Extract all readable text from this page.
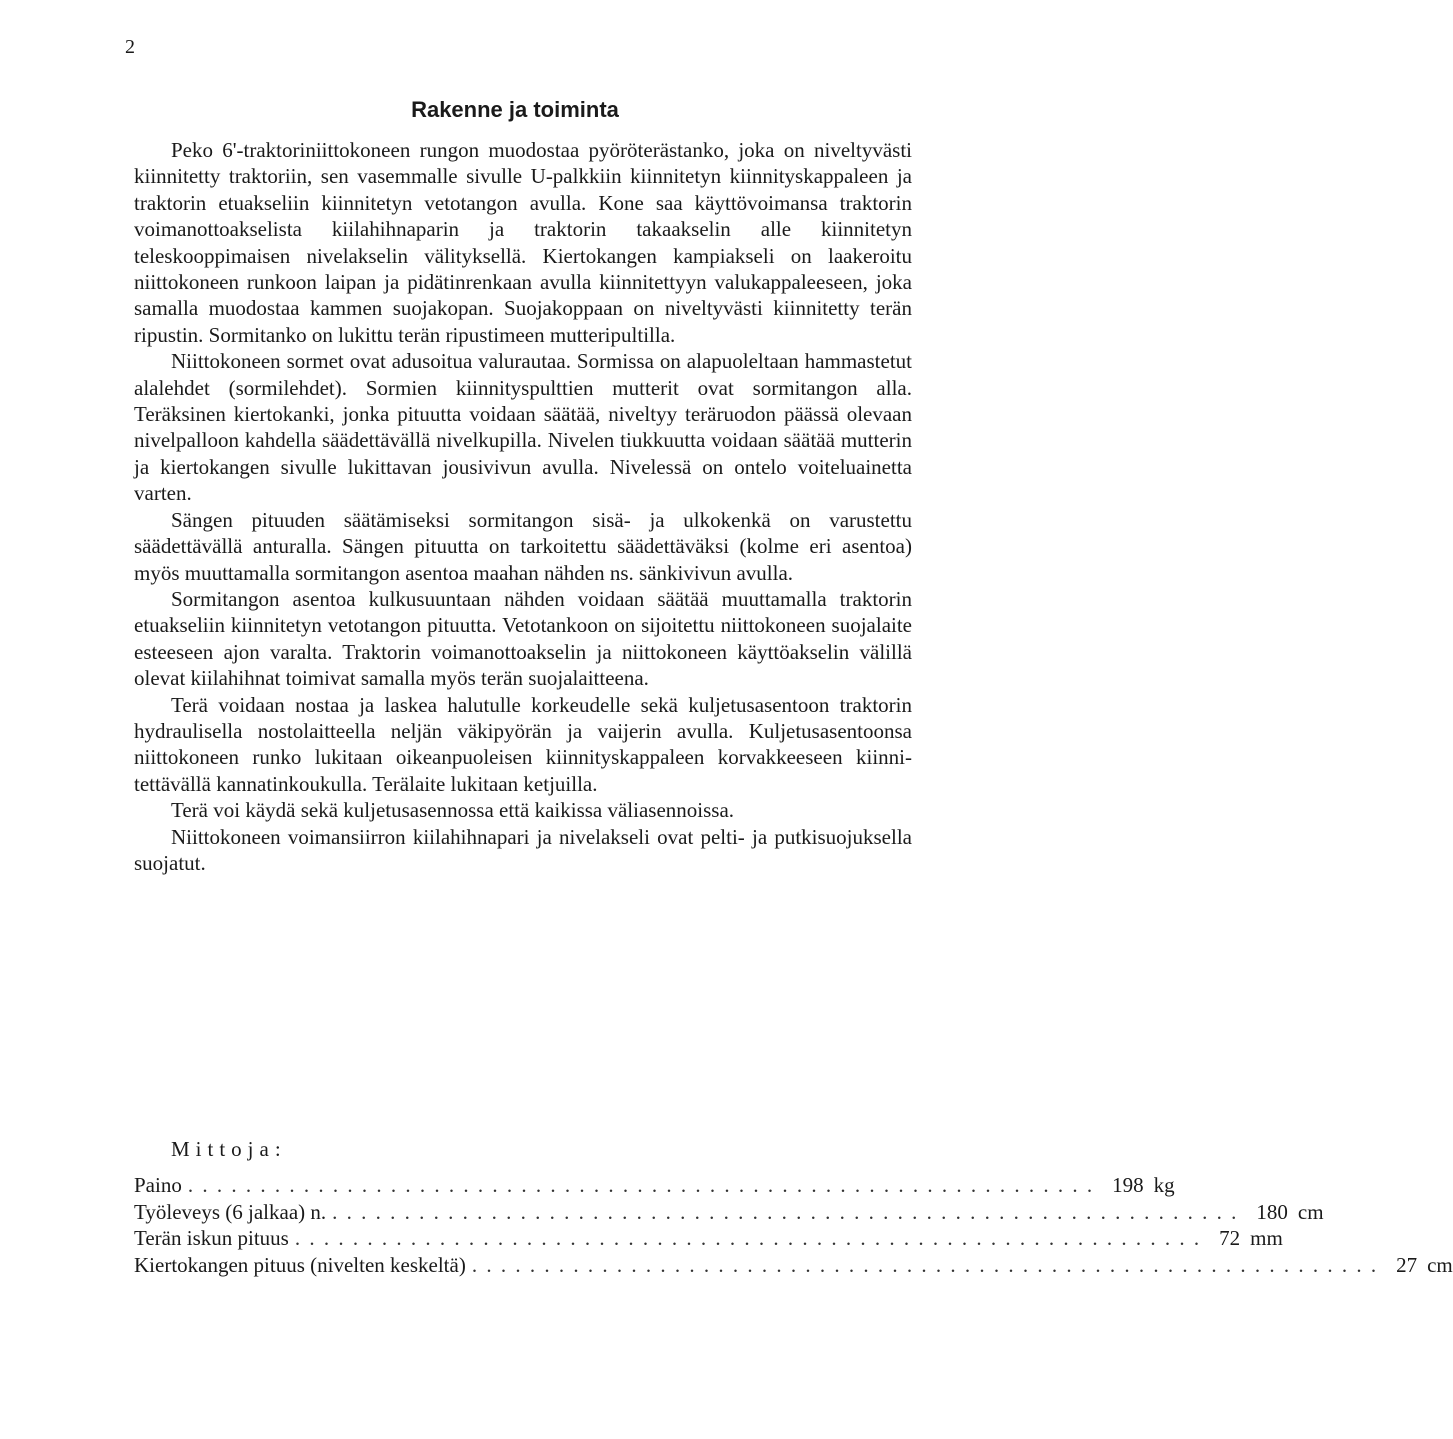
2
Rakenne ja toiminta

Peko 6'-traktoriniittokoneen rungon muodostaa pyöröterästanko, joka on niveltyvästi kiinnitetty traktoriin, sen vasemmalle sivulle U-palkkiin kiinnitetyn kiinnityskappaleen ja traktorin etuakseliin kiinnitetyn vetotangon avulla. Kone saa käyttövoimansa traktorin voimanottoakselista kiilahihnaparin ja traktorin takaakselin alle kiinnitetyn teleskooppimaisen nivelakselin välityksellä. Kiertokangen kampiakseli on laakeroitu niittokoneen runkoon laipan ja pidätinrenkaan avulla kiinnitettyyn valukappaleeseen, joka samalla muodostaa kammen suojakopan. Suojakoppaan on niveltyvästi kiinnitetty terän ripustin. Sormitanko on lukittu terän ripustimeen mutteripultilla.

Niittokoneen sormet ovat adusoitua valurautaa. Sormissa on alapuoleltaan hammastetut alalehdet (sormilehdet). Sormien kiinnityspulttien mutterit ovat sormitangon alla. Teräksinen kiertokanki, jonka pituutta voidaan säätää, niveltyy teräruodon päässä olevaan nivelpalloon kahdella säädettävällä nivelkupilla. Nivelen tiukkuutta voidaan säätää mutterin ja kiertokangen sivulle lukittavan jousivivun avulla. Nivelessä on ontelo voiteluainetta varten.

Sängen pituuden säätämiseksi sormitangon sisä- ja ulkokenkä on varustettu säädettävällä anturalla. Sängen pituutta on tarkoitettu säädettäväksi (kolme eri asentoa) myös muuttamalla sormitangon asentoa maahan nähden ns. sänkivivun avulla.

Sormitangon asentoa kulkusuuntaan nähden voidaan säätää muuttamalla traktorin etuakseliin kiinnitetyn vetotangon pituutta. Vetotankoon on sijoitettu niittokoneen suojalaite esteeseen ajon varalta. Traktorin voimanottoakselin ja niittokoneen käyttöakselin välillä olevat kiilahihnat toimivat samalla myös terän suojalaitteena.

Terä voidaan nostaa ja laskea halutulle korkeudelle sekä kuljetusasentoon traktorin hydraulisella nostolaitteella neljän väkipyörän ja vaijerin avulla. Kuljetusasentoonsa niittokoneen runko lukitaan oikeanpuoleisen kiinnityskappaleen korvakkeeseen kiinnitettävällä kannatinkoukulla. Terälaite lukitaan ketjuilla.

Terä voi käydä sekä kuljetusasennossa että kaikissa väliasennoissa.

Niittokoneen voimansiirron kiilahihnapari ja nivelakseli ovat pelti- ja putkisuojuksella suojatut.

Mittoja:
Paino . . . . . . . . . . . . . . . . . . . . . . . . . . . . . . . . . . . . . . . . . . . . . . . . . . . . . . . . . . . . . . . 198 kg
Työleveys (6 jalkaa) n. . . . . . . . . . . . . . . . . . . . . . . . . . . . . . . . . . . . . . . . . . . . . . . . . . . . . . . . . . . . . . . . 180 cm
Terän iskun pituus . . . . . . . . . . . . . . . . . . . . . . . . . . . . . . . . . . . . . . . . . . . . . . . . . . . . . . . . . . . . . . . 72 mm
Kiertokangen pituus (nivelten keskeltä) . . . . . . . . . . . . . . . . . . . . . . . . . . . . . . . . . . . . . . . . . . . . . . . . . . . . . . . . . . . . . . . 27 cm
